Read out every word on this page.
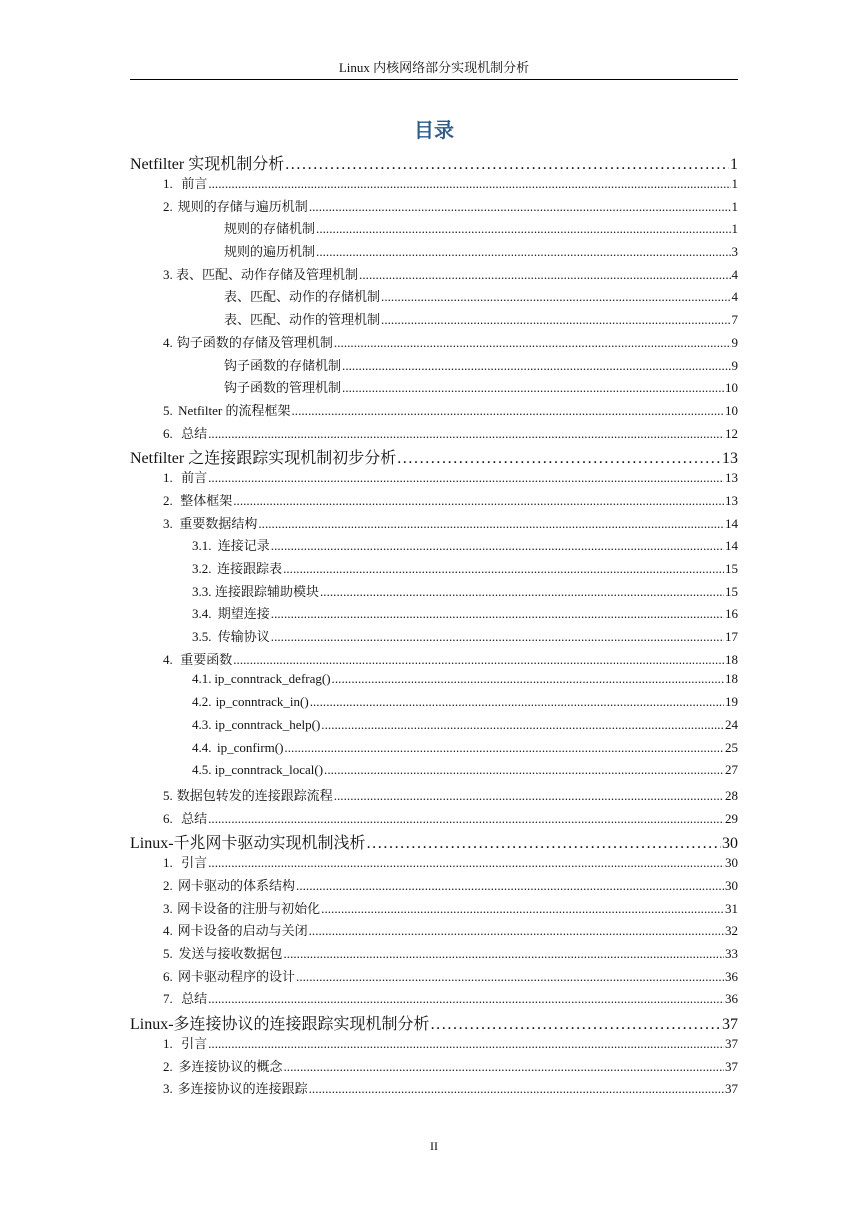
Linux 内核网络部分实现机制分析
目录
Netfilter 实现机制分析 . . .	1
1. 前言 . . .	1
2. 规则的存储与遍历机制 . . .	1
规则的存储机制 . . .	1
规则的遍历机制 . . .	3
3. 表、匹配、动作存储及管理机制 . . .	4
表、匹配、动作的存储机制 . . .	4
表、匹配、动作的管理机制 . . .	7
4. 钩子函数的存储及管理机制 . . .	9
钩子函数的存储机制 . . .	9
钩子函数的管理机制 . . .	10
5. Netfilter 的流程框架 . . .	10
6. 总结 . . .	12
Netfilter 之连接跟踪实现机制初步分析 . . .	13
1. 前言 . . .	13
2. 整体框架 . . .	13
3. 重要数据结构 . . .	14
3.1. 连接记录 . . .	14
3.2. 连接跟踪表 . . .	15
3.3. 连接跟踪辅助模块 . . .	15
3.4. 期望连接 . . .	16
3.5. 传输协议 . . .	17
4. 重要函数 . . .	18
4.1. ip_conntrack_defrag() . . .	18
4.2. ip_conntrack_in() . . .	19
4.3. ip_conntrack_help() . . .	24
4.4. ip_confirm() . . .	25
4.5. ip_conntrack_local() . . .	27
5. 数据包转发的连接跟踪流程 . . .	28
6. 总结 . . .	29
Linux-千兆网卡驱动实现机制浅析 . . .	30
1. 引言 . . .	30
2. 网卡驱动的体系结构 . . .	30
3. 网卡设备的注册与初始化 . . .	31
4. 网卡设备的启动与关闭 . . .	32
5. 发送与接收数据包 . . .	33
6. 网卡驱动程序的设计 . . .	36
7. 总结 . . .	36
Linux-多连接协议的连接跟踪实现机制分析 . . .	37
1. 引言 . . .	37
2. 多连接协议的概念 . . .	37
3. 多连接协议的连接跟踪 . . .	37
II
